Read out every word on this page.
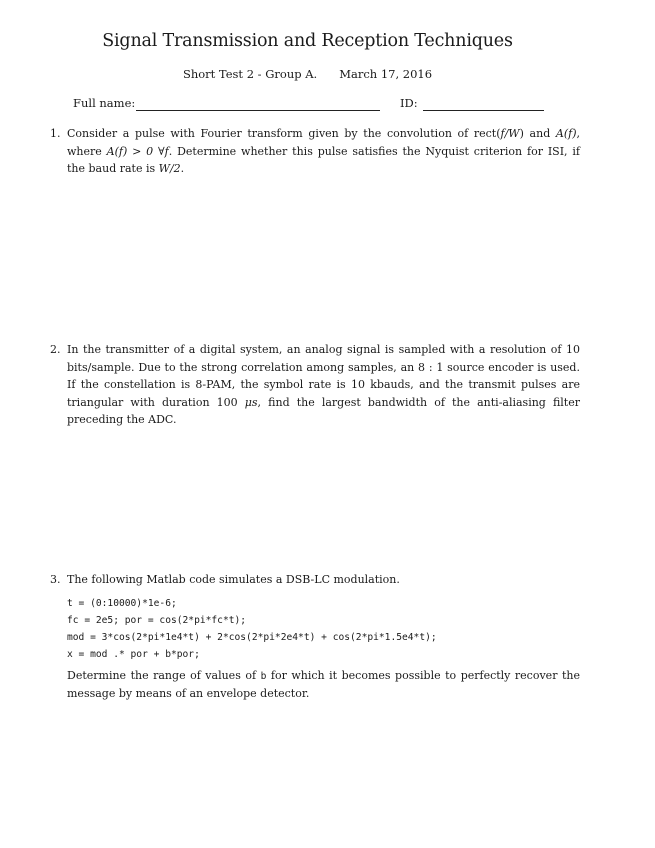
Signal Transmission and Reception Techniques
Short Test 2 - Group A. March 17, 2016
Full name:	ID:
1. Consider a pulse with Fourier transform given by the convolution of rect(f/W) and A(f), where A(f) > 0 ∀f. Determine whether this pulse satisfies the Nyquist criterion for ISI, if the baud rate is W/2.
2. In the transmitter of a digital system, an analog signal is sampled with a resolution of 10 bits/sample. Due to the strong correlation among samples, an 8 : 1 source encoder is used. If the constellation is 8-PAM, the symbol rate is 10 kbauds, and the transmit pulses are triangular with duration 100 μs, find the largest bandwidth of the anti-aliasing filter preceding the ADC.
3. The following Matlab code simulates a DSB-LC modulation.
t = (0:10000)*1e-6;
fc = 2e5; por = cos(2*pi*fc*t);
mod = 3*cos(2*pi*1e4*t) + 2*cos(2*pi*2e4*t) + cos(2*pi*1.5e4*t);
x = mod .* por + b*por;
Determine the range of values of b for which it becomes possible to perfectly recover the message by means of an envelope detector.
